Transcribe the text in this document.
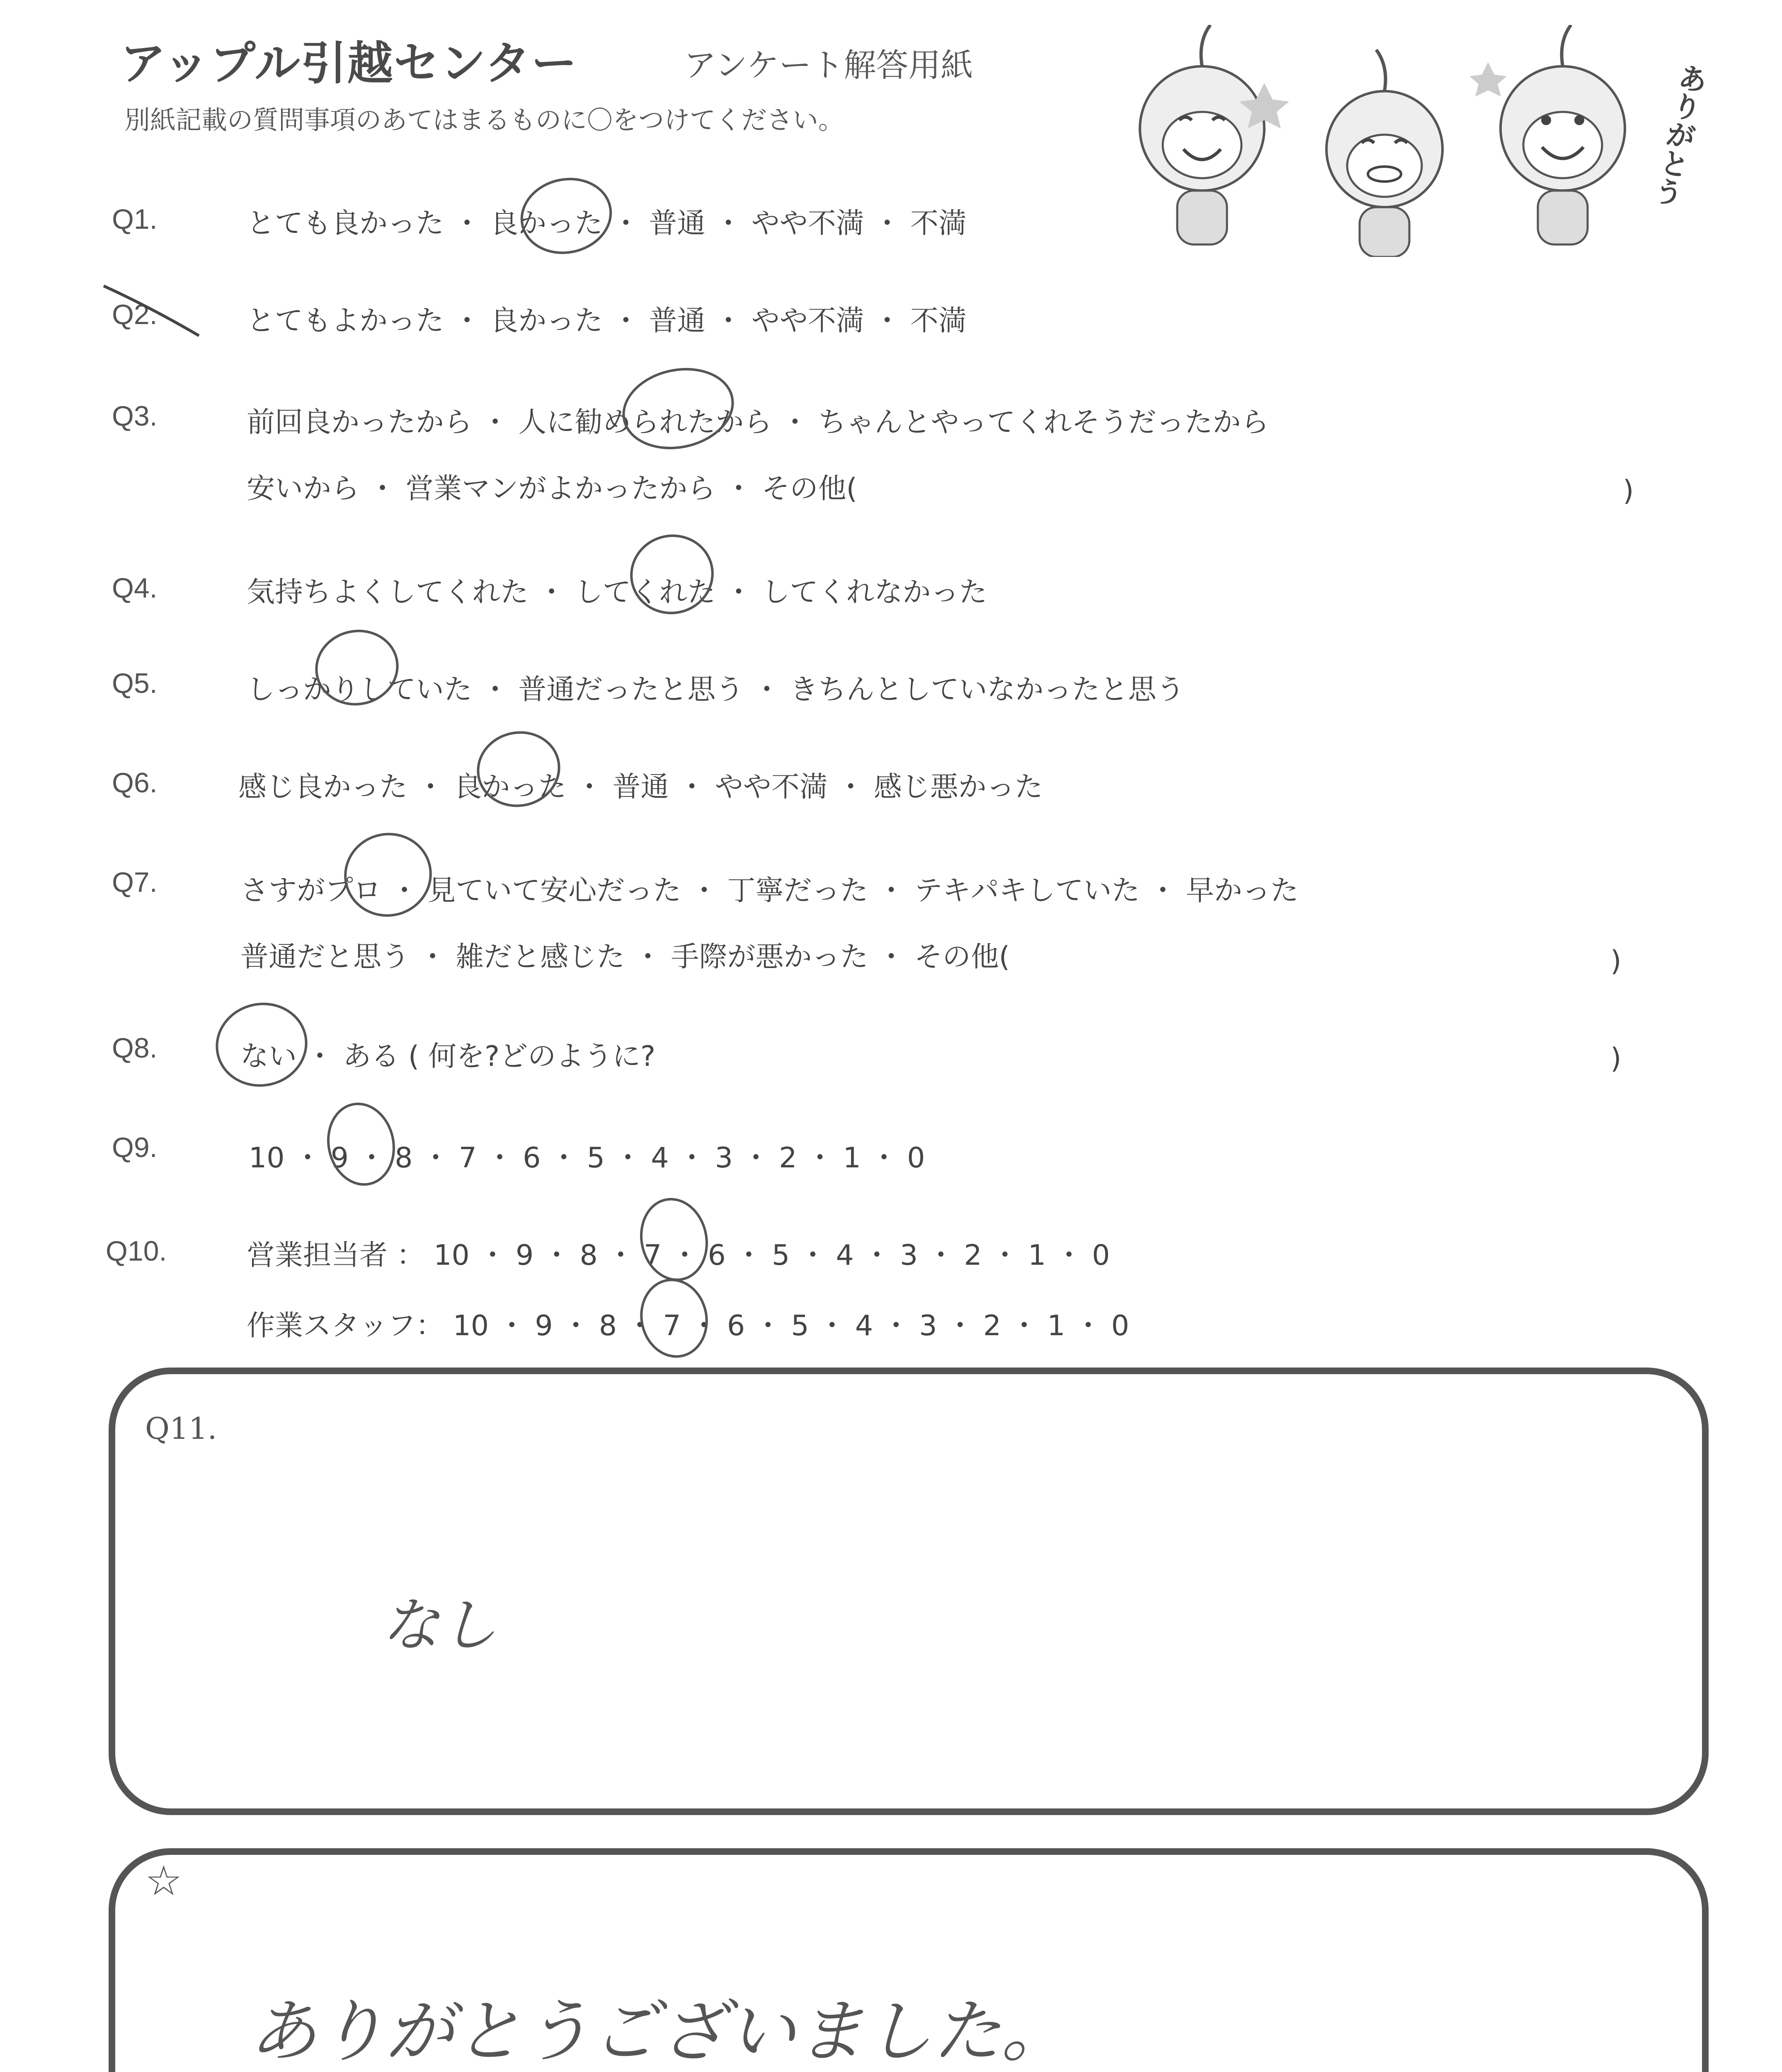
アップル引越センター	アンケート解答用紙
別紙記載の質問事項のあてはまるものに〇をつけてください。	ありがとう
Q1.	とても良かった ・ 良かった ・ 普通 ・ やや不満 ・ 不満
Q2.	とてもよかった ・ 良かった ・ 普通 ・ やや不満 ・ 不満
Q3.	前回良かったから ・ 人に勧められたから ・ ちゃんとやってくれそうだったから
安いから ・ 営業マンがよかったから ・ その他(	)
Q4.	気持ちよくしてくれた ・ してくれた ・ してくれなかった
Q5.	しっかりしていた ・ 普通だったと思う ・ きちんとしていなかったと思う
Q6.	感じ良かった ・ 良かった ・ 普通 ・ やや不満 ・ 感じ悪かった
Q7.	さすがプロ ・ 見ていて安心だった ・ 丁寧だった ・ テキパキしていた ・ 早かった
普通だと思う ・ 雑だと感じた ・ 手際が悪かった ・ その他(	)
Q8.	ない ・ ある ( 何を?どのように?	)
Q9.	10 ・ 9 ・ 8 ・ 7 ・ 6 ・ 5 ・ 4 ・ 3 ・ 2 ・ 1 ・ 0
Q10.	営業担当者 ： 10 ・ 9 ・ 8 ・ 7 ・ 6 ・ 5 ・ 4 ・ 3 ・ 2 ・ 1 ・ 0
作業スタッフ： 10 ・ 9 ・ 8 ・ 7 ・ 6 ・ 5 ・ 4 ・ 3 ・ 2 ・ 1 ・ 0
Q11.
なし
☆
ありがとうございました。
